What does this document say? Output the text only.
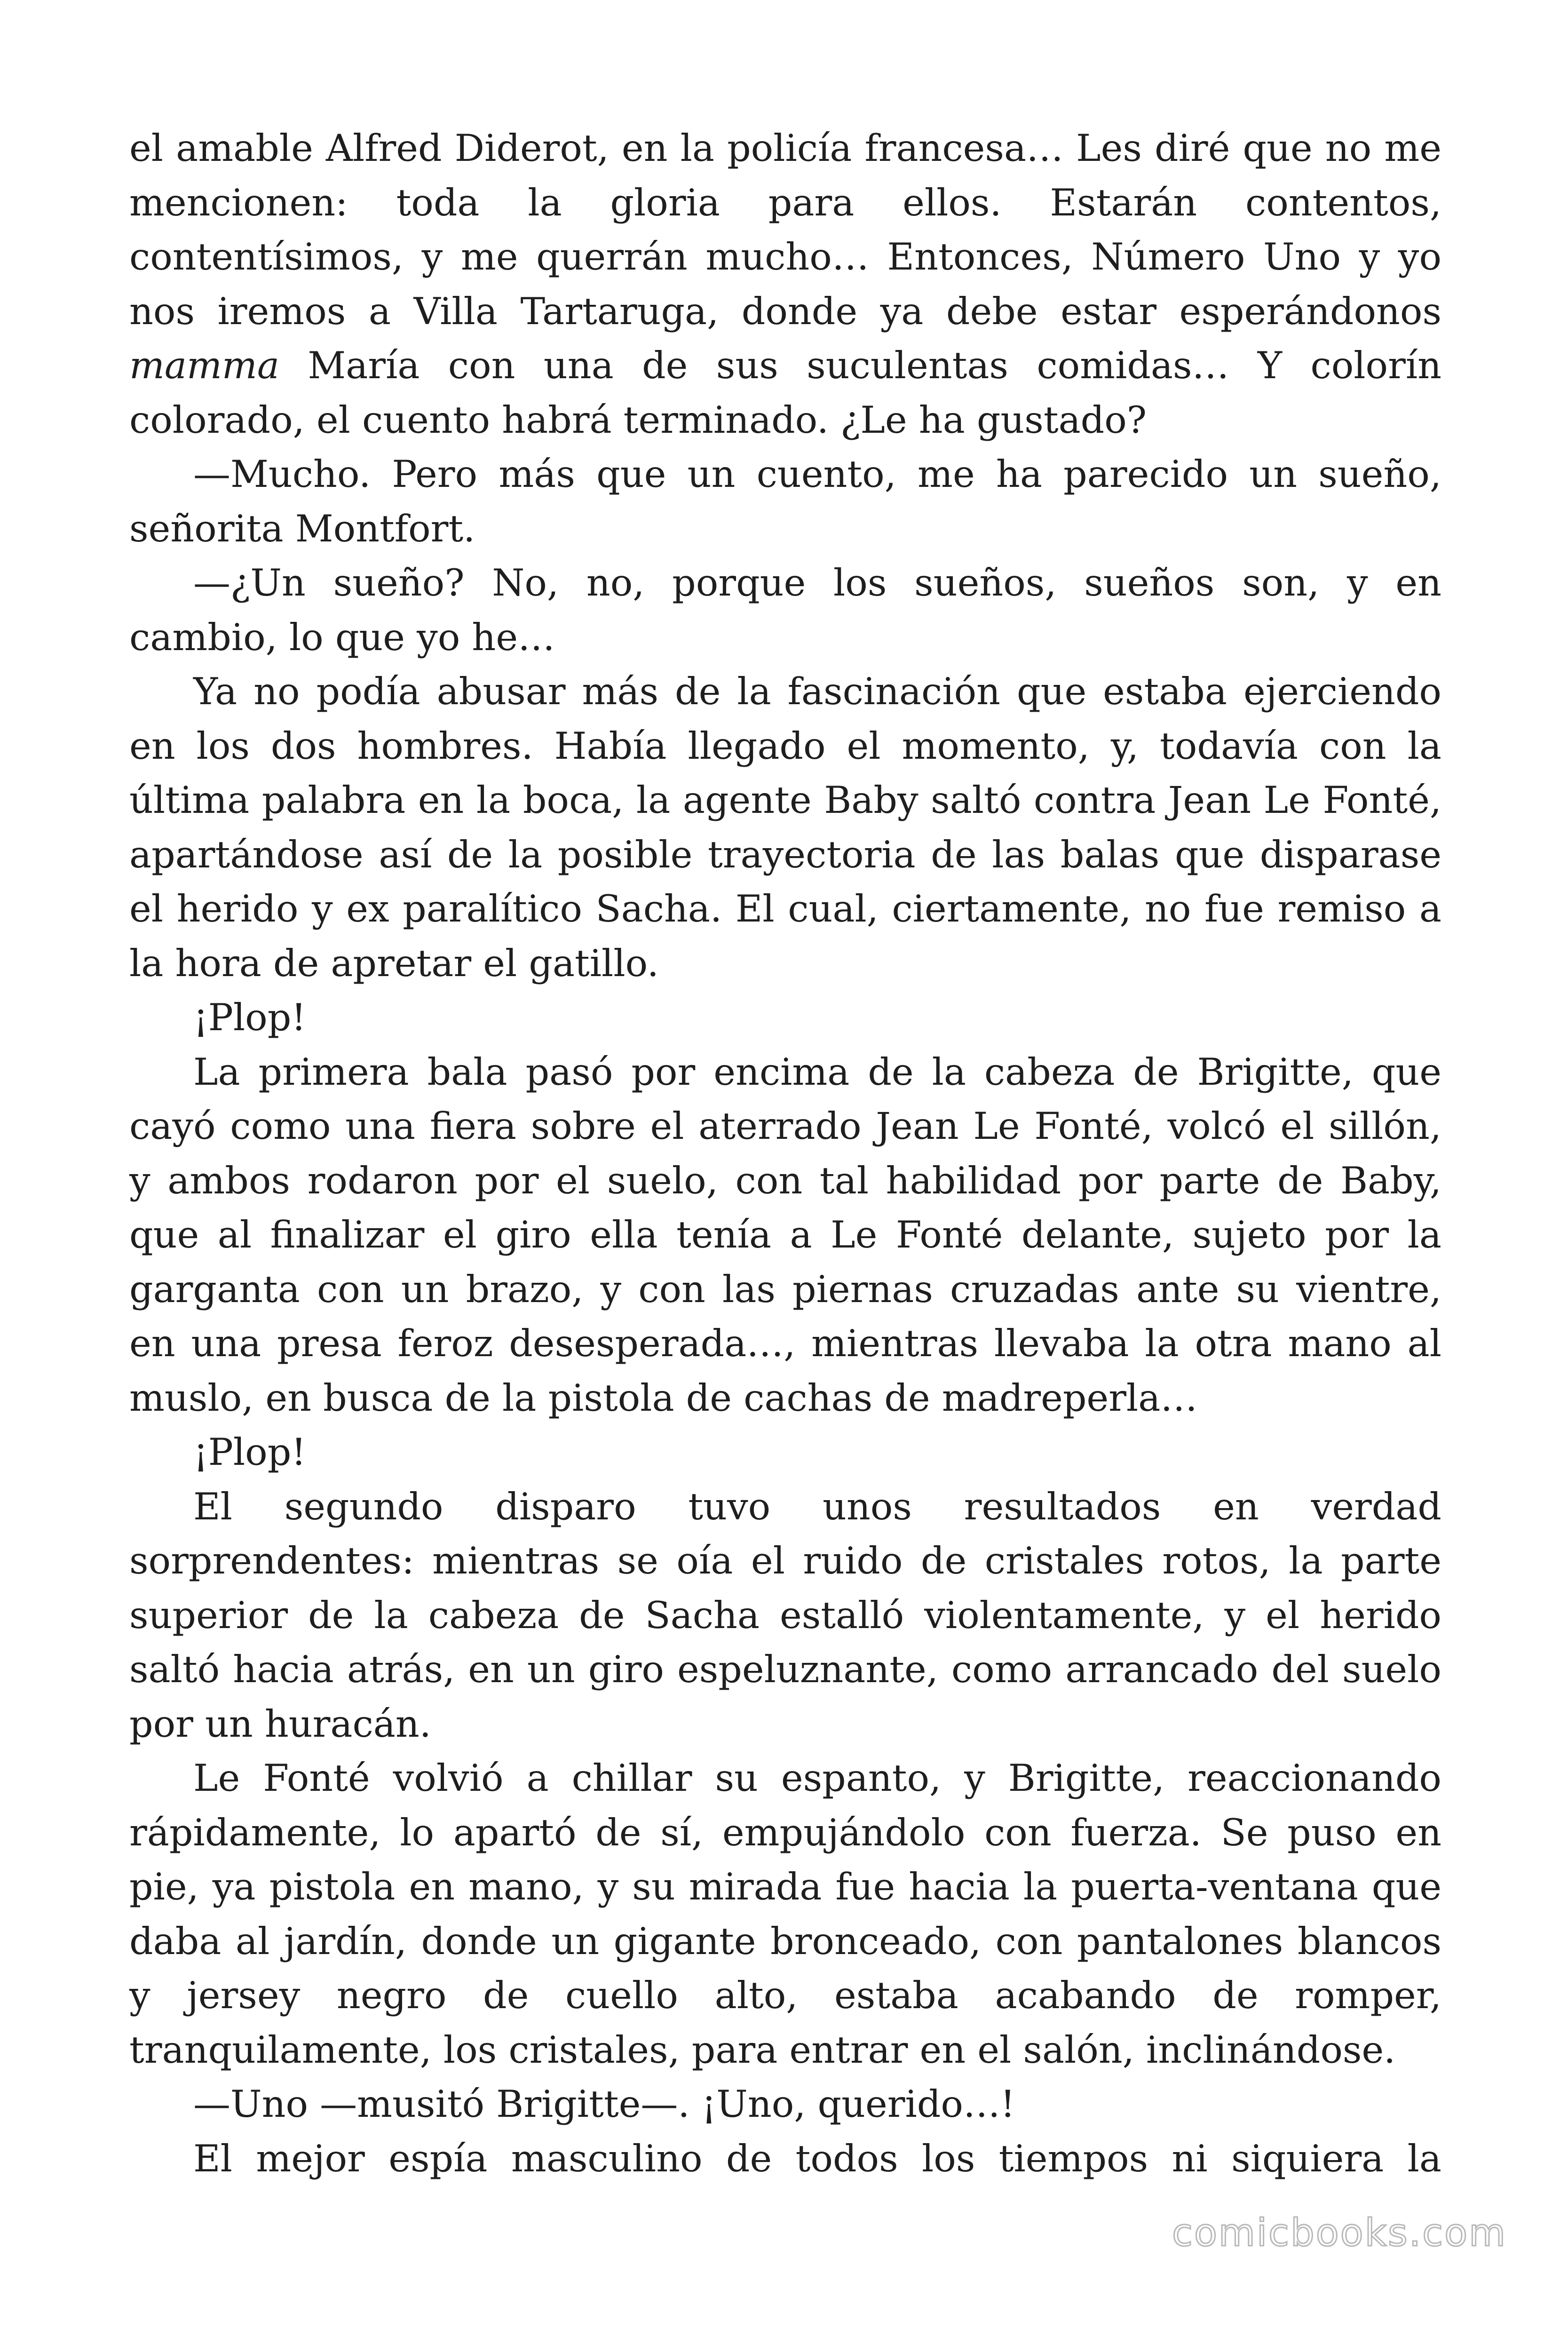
el amable Alfred Diderot, en la policía francesa… Les diré que no me mencionen: toda la gloria para ellos. Estarán contentos, contentísimos, y me querrán mucho… Entonces, Número Uno y yo nos iremos a Villa Tartaruga, donde ya debe estar esperándonos mamma María con una de sus suculentas comidas… Y colorín colorado, el cuento habrá terminado. ¿Le ha gustado?

—Mucho. Pero más que un cuento, me ha parecido un sueño, señorita Montfort.

—¿Un sueño? No, no, porque los sueños, sueños son, y en cambio, lo que yo he…

Ya no podía abusar más de la fascinación que estaba ejerciendo en los dos hombres. Había llegado el momento, y, todavía con la última palabra en la boca, la agente Baby saltó contra Jean Le Fonté, apartándose así de la posible trayectoria de las balas que disparase el herido y ex paralítico Sacha. El cual, ciertamente, no fue remiso a la hora de apretar el gatillo.

¡Plop!

La primera bala pasó por encima de la cabeza de Brigitte, que cayó como una fiera sobre el aterrado Jean Le Fonté, volcó el sillón, y ambos rodaron por el suelo, con tal habilidad por parte de Baby, que al finalizar el giro ella tenía a Le Fonté delante, sujeto por la garganta con un brazo, y con las piernas cruzadas ante su vientre, en una presa feroz desesperada…, mientras llevaba la otra mano al muslo, en busca de la pistola de cachas de madreperla…

¡Plop!

El segundo disparo tuvo unos resultados en verdad sorprendentes: mientras se oía el ruido de cristales rotos, la parte superior de la cabeza de Sacha estalló violentamente, y el herido saltó hacia atrás, en un giro espeluznante, como arrancado del suelo por un huracán.

Le Fonté volvió a chillar su espanto, y Brigitte, reaccionando rápidamente, lo apartó de sí, empujándolo con fuerza. Se puso en pie, ya pistola en mano, y su mirada fue hacia la puerta-ventana que daba al jardín, donde un gigante bronceado, con pantalones blancos y jersey negro de cuello alto, estaba acabando de romper, tranquilamente, los cristales, para entrar en el salón, inclinándose.

—Uno —musitó Brigitte—. ¡Uno, querido…!

El mejor espía masculino de todos los tiempos ni siquiera la

comicbooks.com
